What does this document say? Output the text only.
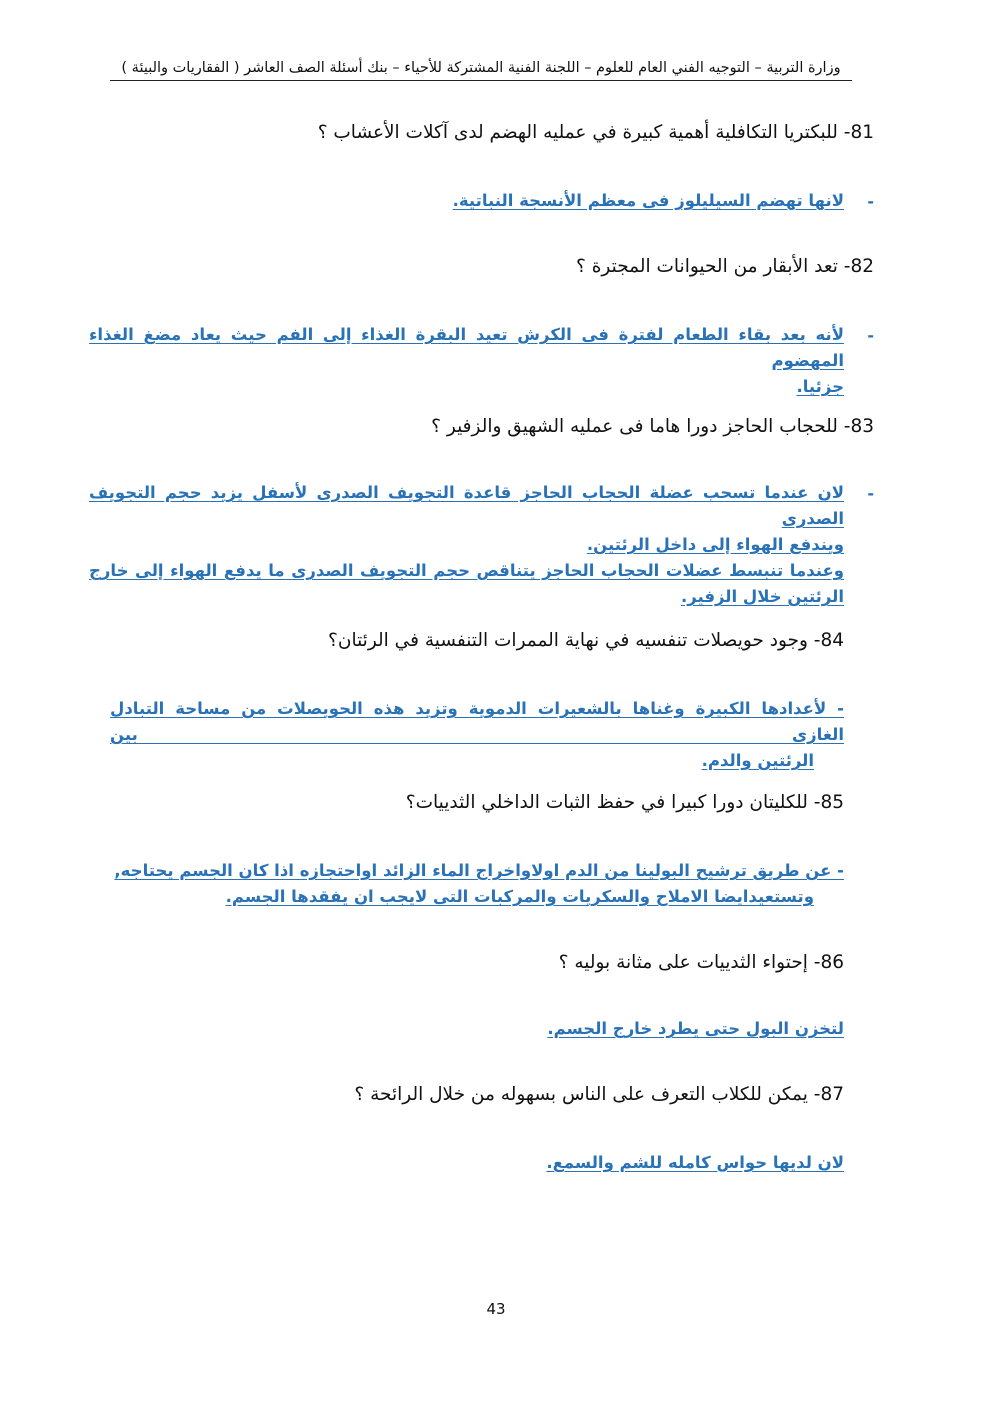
وزارة التربية – التوجيه الفني العام للعلوم – اللجنة الفنية المشتركة للأحياء – بنك أسئلة الصف العاشر ( الفقاريات والبيئة )
81- للبكتريا التكافلية أهمية كبيرة في عمليه الهضم لدى آكلات الأعشاب ؟
-
لانها تهضم السيليلوز فى معظم الأنسجة النباتية.
82- تعد الأبقار من الحيوانات المجترة ؟
-
لأنه بعد بقاء الطعام لفترة فى الكرش تعيد البقرة الغذاء إلى الفم حيث يعاد مضغ الغذاء المهضوم
جزئيا.
83- للحجاب الحاجز دورا هاما فى عمليه الشهيق والزفير ؟
-
لان عندما تسحب عضلة الحجاب الحاجز قاعدة التجويف الصدرى لأسفل يزيد حجم التجويف الصدرى
ويندفع الهواء إلى داخل الرئتين.
وعندما تنبسط عضلات الحجاب الحاجز يتناقص حجم التجويف الصدرى ما يدفع الهواء إلى خارج
الرئتين خلال الزفير.
84- وجود حويصلات تنفسيه في نهاية الممرات التنفسية في الرئتان؟
- لأعدادها الكبيرة وغناها بالشعيرات الدموية وتزيد هذه الحويصلات من مساحة التبادل الغازى بين
الرئتين والدم.
85- للكليتان دورا كبيرا في حفظ الثبات الداخلي الثدييات؟
- عن طريق ترشيح البولينا من الدم اولاواخراج الماء الزائد اواحتجازه اذا كان الجسم يحتاجه,
وتستعيدايضا الاملاح والسكريات والمركبات التى لايجب ان يفقدها الجسم.
86- إحتواء الثدييات على مثانة بوليه ؟
لتخزن البول حتى يطرد خارج الجسم.
87- يمكن للكلاب التعرف على الناس بسهوله من خلال الرائحة ؟
لان لديها حواس كامله للشم والسمع.
43
